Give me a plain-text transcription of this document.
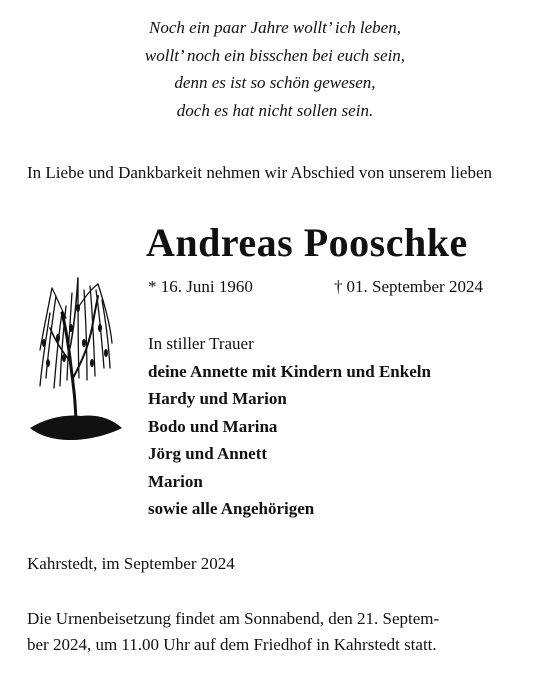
Noch ein paar Jahre wollt’ ich leben,
wollt’ noch ein bisschen bei euch sein,
denn es ist so schön gewesen,
doch es hat nicht sollen sein.
In Liebe und Dankbarkeit nehmen wir Abschied von unserem lieben
Andreas Pooschke
* 16. Juni 1960	† 01. September 2024
In stiller Trauer
deine Annette mit Kindern und Enkeln
Hardy und Marion
Bodo und Marina
Jörg und Annett
Marion
sowie alle Angehörigen
Kahrstedt, im September 2024
Die Urnenbeisetzung findet am Sonnabend, den 21. Septem-
ber 2024, um 11.00 Uhr auf dem Friedhof in Kahrstedt statt.
